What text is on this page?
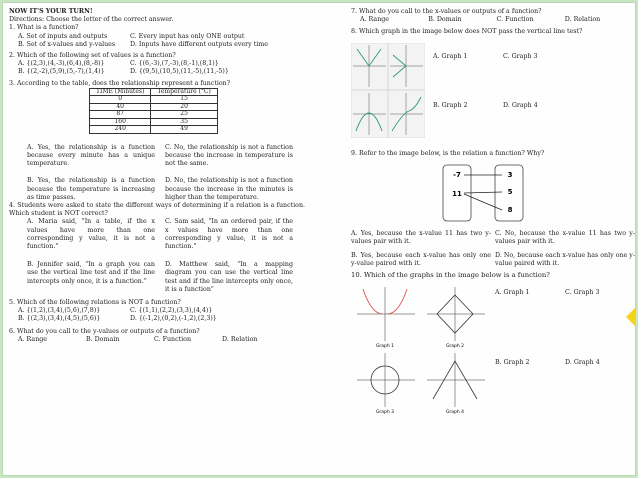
NOW IT'S YOUR TURN!
Directions: Choose the letter of the correct answer.
1. What is a function?
A. Set of inputs and outputs	C. Every input has only ONE output
B. Set of x-values and y-values	D. Inputs have different outputs every time
2. Which of the following set of values is a function?
A. {(2,3),(4,-3),(6,4),(8,-8)}	C. {(6,-3),(7,-3),(8,-1),(8,1)}
B. {(2,-2),(5,9),(5,-7),(1,4)}	D. {(9,5),(10,5),(11,-5),(11,-5)}
3. According to the table, does the relationship represent a function?
TIME (Minutes)	Temperature (°C)
0	15
40	20
87	25
160	35
240	49
A. Yes, the relationship is a function because every minute has a unique temperature.
C. No, the relationship is not a function because the increase in temperature is not the same.
B. Yes, the relationship is a function because the temperature is increasing as time passes.
D. No, the relationship is not a function because the increase in the minutes is higher than the temperature.
4. Students were asked to state the different ways of determining if a relation is a function. Which student is NOT correct?
A. Maria said, "In a table, if the x values have more than one corresponding y value, it is not a function."
C. Sam said, "In an ordered pair, if the x values have more than one corresponding y value, it is not a function."
B. Jennifer said, "In a graph you can use the vertical line test and if the line intercepts only once, it is a function."
D. Matthew said, "In a mapping diagram you can use the vertical line test and if the line intercepts only once, it is a function"
5. Which of the following relations is NOT a function?
A. {(1,2),(3,4),(5,6),(7,8)}	C. {(1,1),(2,2),(3,3),(4,4)}
B. {(2,3),(3,4),(4,5),(5,6)}	D. {(-1,2),(0,2),(-1,2),(2,3)}
6. What do you call to the y-values or outputs of a function?
A. Range	B. Domain	C. Function	D. Relation
7. What do you call to the x-values or outputs of a function?
A. Range	B. Domain	C. Function	D. Relation
8. Which graph in the image below does NOT pass the vertical line test?
A. Graph 1	C. Graph 3
B. Graph 2	D. Graph 4
9. Refer to the image below, is the relation a function? Why?
-7
11
3
5
8
A. Yes, because the x-value 11 has two y-values pair with it.
C. No, because the x-value 11 has two y-values pair with it.
B. Yes, because each x-value has only one y-value paired with it.
D. No, because each x-value has only one y-value paired with it.
10. Which of the graphs in the image below is a function?
Graph 1	Graph 2
Graph 3	Graph 4
A. Graph 1	C. Graph 3
B. Graph 2	D. Graph 4
